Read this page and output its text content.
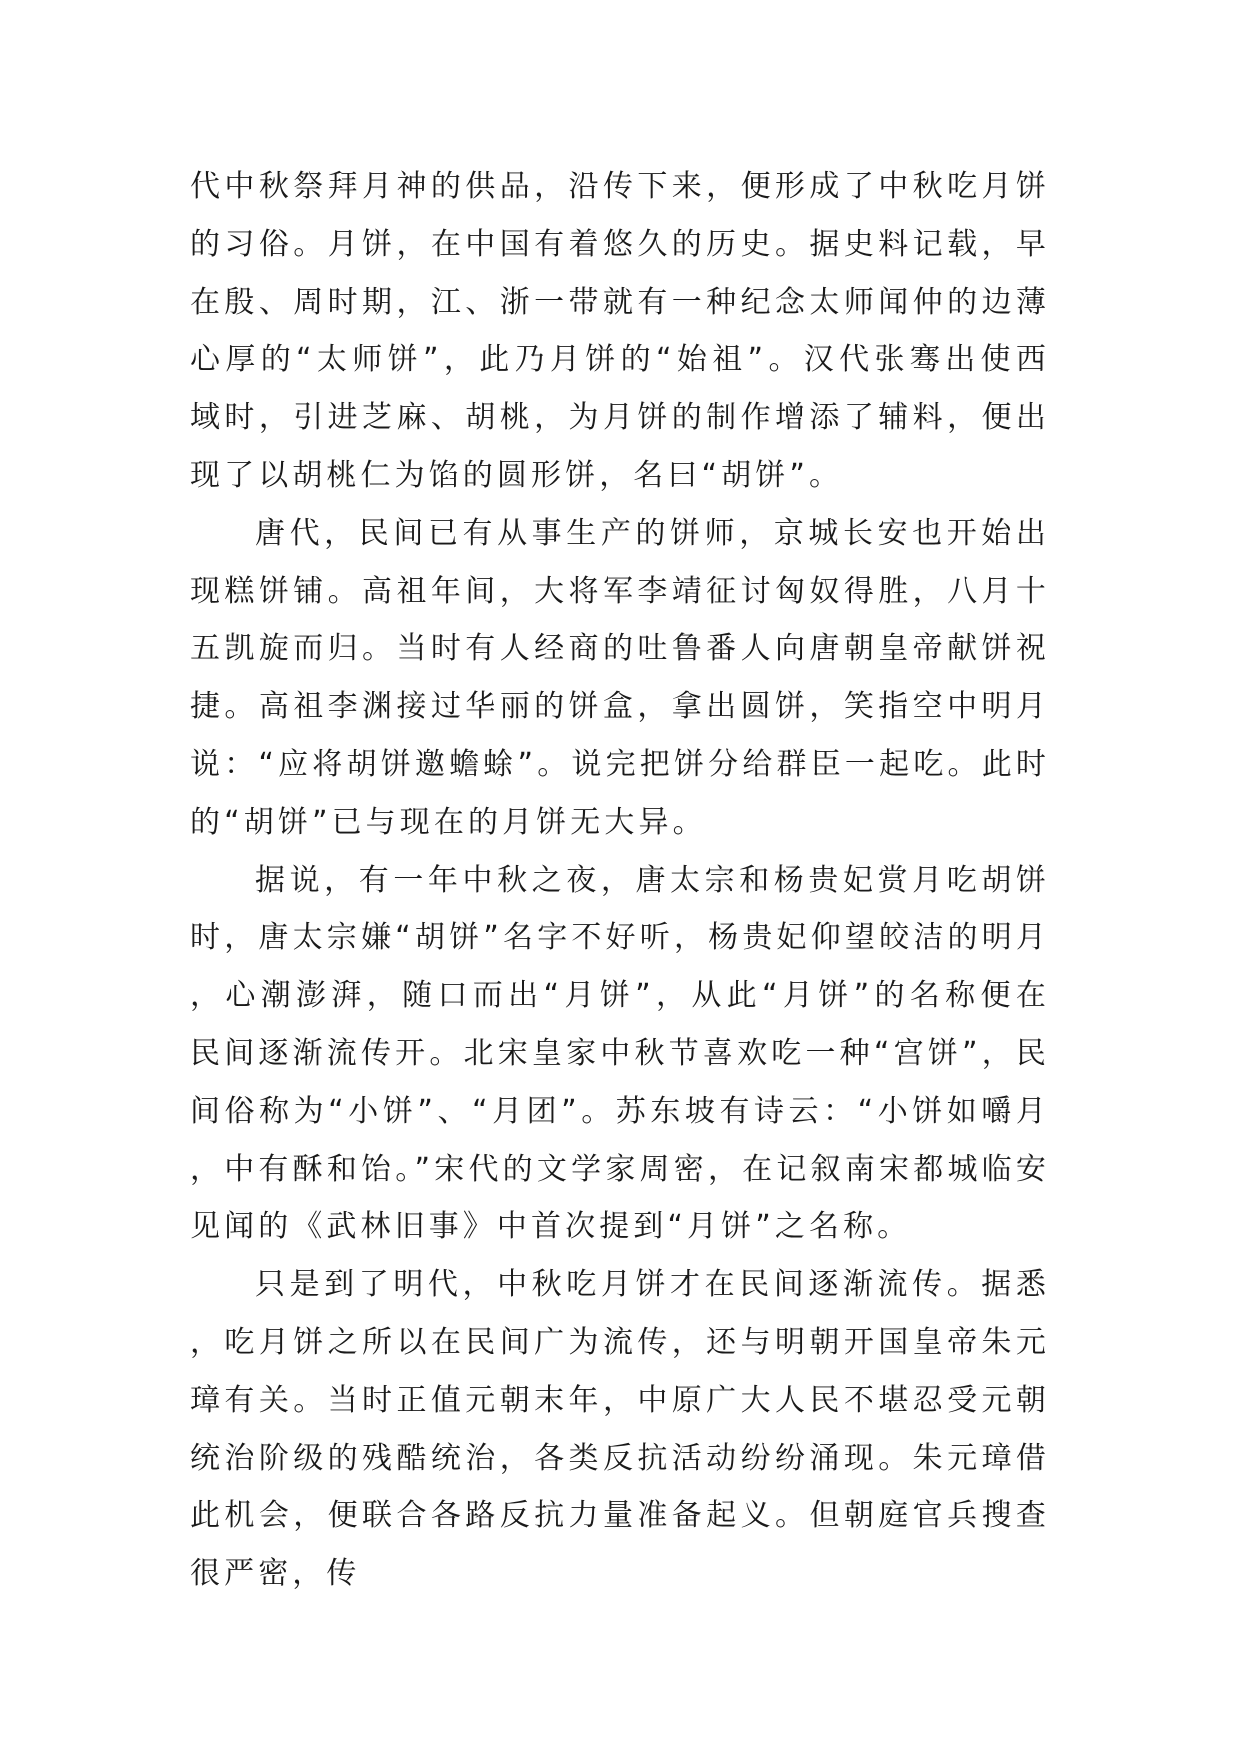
代中秋祭拜月神的供品，沿传下来，便形成了中秋吃月饼的习俗。月饼，在中国有着悠久的历史。据史料记载，早在殷、周时期，江、浙一带就有一种纪念太师闻仲的边薄心厚的“太师饼”，此乃月饼的“始祖”。汉代张骞出使西域时，引进芝麻、胡桃，为月饼的制作增添了辅料，便出现了以胡桃仁为馅的圆形饼，名曰“胡饼”。

唐代，民间已有从事生产的饼师，京城长安也开始出现糕饼铺。高祖年间，大将军李靖征讨匈奴得胜，八月十五凯旋而归。当时有人经商的吐鲁番人向唐朝皇帝献饼祝捷。高祖李渊接过华丽的饼盒，拿出圆饼，笑指空中明月说：“应将胡饼邀蟾蜍”。说完把饼分给群臣一起吃。此时的“胡饼”已与现在的月饼无大异。

据说，有一年中秋之夜，唐太宗和杨贵妃赏月吃胡饼时，唐太宗嫌“胡饼”名字不好听，杨贵妃仰望皎洁的明月，心潮澎湃，随口而出“月饼”，从此“月饼”的名称便在民间逐渐流传开。北宋皇家中秋节喜欢吃一种“宫饼”，民间俗称为“小饼”、“月团”。苏东坡有诗云：“小饼如嚼月，中有酥和饴。”宋代的文学家周密，在记叙南宋都城临安见闻的《武林旧事》中首次提到“月饼”之名称。

只是到了明代，中秋吃月饼才在民间逐渐流传。据悉，吃月饼之所以在民间广为流传，还与明朝开国皇帝朱元璋有关。当时正值元朝末年，中原广大人民不堪忍受元朝统治阶级的残酷统治，各类反抗活动纷纷涌现。朱元璋借此机会，便联合各路反抗力量准备起义。但朝庭官兵搜查很严密，传
